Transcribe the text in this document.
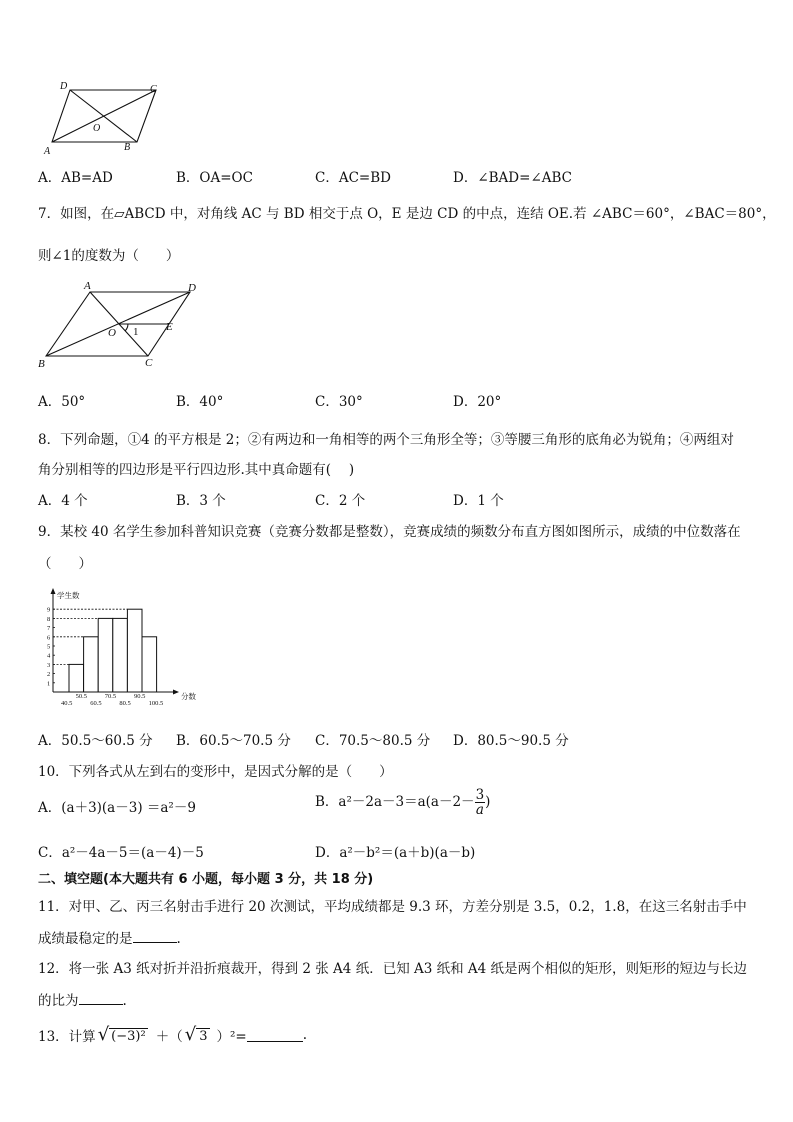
D	C
A	B
O
A．AB=AD	B．OA=OC	C．AC=BD	D．∠BAD=∠ABC
7．如图，在▱ABCD 中，对角线 AC 与 BD 相交于点 O，E 是边 CD 的中点，连结 OE.若 ∠ABC＝60°，∠BAC＝80°，
则∠1的度数为（　　）
A	D
B	C
O	E
1
A．50°	B．40°	C．30°	D．20°
8．下列命题，①4 的平方根是 2；②有两边和一角相等的两个三角形全等；③等腰三角形的底角必为锐角；④两组对
角分别相等的四边形是平行四边形.其中真命题有(　 )
A．4 个	B．3 个	C．2 个	D．1 个
9．某校 40 名学生参加科普知识竞赛（竞赛分数都是整数），竞赛成绩的频数分布直方图如图所示，成绩的中位数落在
（　　）
1
2
3
4
5
6
7
8
9
40.5	60.5	80.5	100.5
50.5	70.5	90.5
学生数
分数
A．50.5～60.5 分 B．60.5～70.5 分 C．70.5～80.5 分 D．80.5～90.5 分
10．下列各式从左到右的变形中，是因式分解的是（　　）
A．(a＋3)(a－3) ＝a²－9	B．$a^2-2a-3=a(a-2- \frac{3}{a}$ )
C．a²－4a－5＝(a－4)－5	D．a²－b²＝(a＋b)(a－b)
二、填空题(本大题共有 6 小题，每小题 3 分，共 18 分)
11．对甲、乙、丙三名射击手进行 20 次测试，平均成绩都是 9.3 环，方差分别是 3.5，0.2，1.8，在这三名射击手中
成绩最稳定的是	.
12．将一张 A3 纸对折并沿折痕裁开，得到 2 张 A4 纸．已知 A3 纸和 A4 纸是两个相似的矩形，则矩形的短边与长边
的比为	.
13．计算 √ (−3)² ＋（ √ 3 ）²=	.
